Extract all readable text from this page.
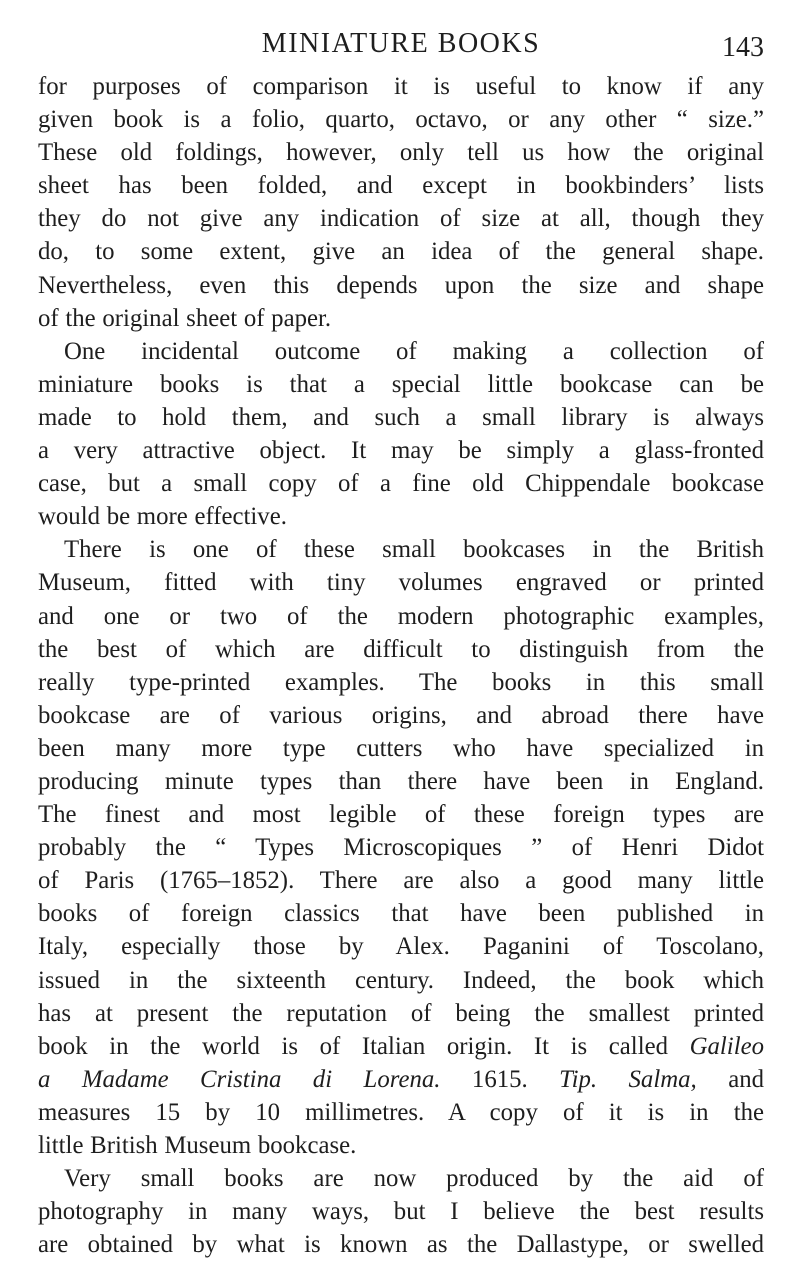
MINIATURE BOOKS	143

for purposes of comparison it is useful to know if any
given book is a folio, quarto, octavo, or any other “ size.”
These old foldings, however, only tell us how the original
sheet has been folded, and except in bookbinders’ lists
they do not give any indication of size at all, though they
do, to some extent, give an idea of the general shape.
Nevertheless, even this depends upon the size and shape
of the original sheet of paper.

One incidental outcome of making a collection of
miniature books is that a special little bookcase can be
made to hold them, and such a small library is always
a very attractive object. It may be simply a glass-fronted
case, but a small copy of a fine old Chippendale bookcase
would be more effective.

There is one of these small bookcases in the British
Museum, fitted with tiny volumes engraved or printed
and one or two of the modern photographic examples,
the best of which are difficult to distinguish from the
really type-printed examples. The books in this small
bookcase are of various origins, and abroad there have
been many more type cutters who have specialized in
producing minute types than there have been in England.
The finest and most legible of these foreign types are
probably the “ Types Microscopiques ” of Henri Didot
of Paris (1765–1852). There are also a good many little
books of foreign classics that have been published in
Italy, especially those by Alex. Paganini of Toscolano,
issued in the sixteenth century. Indeed, the book which
has at present the reputation of being the smallest printed
book in the world is of Italian origin. It is called Galileo
a Madame Cristina di Lorena. 1615. Tip. Salma, and
measures 15 by 10 millimetres. A copy of it is in the
little British Museum bookcase.

Very small books are now produced by the aid of
photography in many ways, but I believe the best results
are obtained by what is known as the Dallastype, or swelled
